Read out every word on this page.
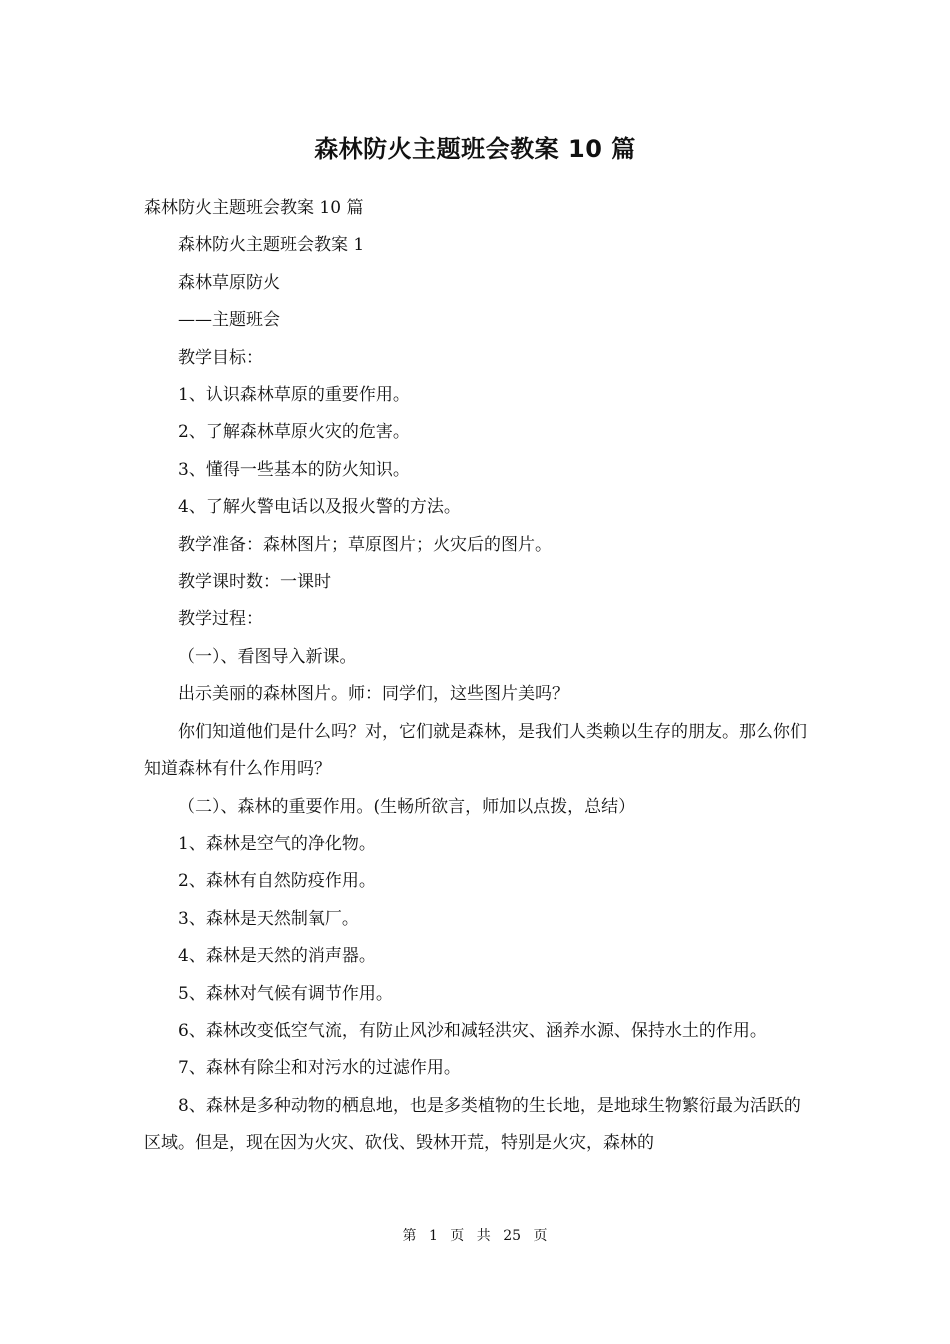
森林防火主题班会教案 10 篇

森林防火主题班会教案 10 篇

森林防火主题班会教案 1

森林草原防火

——主题班会

教学目标：

1、认识森林草原的重要作用。

2、了解森林草原火灾的危害。

3、懂得一些基本的防火知识。

4、了解火警电话以及报火警的方法。

教学准备：森林图片；草原图片；火灾后的图片。

教学课时数：一课时

教学过程：

（一）、看图导入新课。

出示美丽的森林图片。师：同学们，这些图片美吗？

你们知道他们是什么吗？对，它们就是森林，是我们人类赖以生存的朋友。那么你们知道森林有什么作用吗？

（二）、森林的重要作用。(生畅所欲言，师加以点拨，总结）

1、森林是空气的净化物。

2、森林有自然防疫作用。

3、森林是天然制氧厂。

4、森林是天然的消声器。

5、森林对气候有调节作用。

6、森林改变低空气流，有防止风沙和减轻洪灾、涵养水源、保持水土的作用。

7、森林有除尘和对污水的过滤作用。

8、森林是多种动物的栖息地，也是多类植物的生长地，是地球生物繁衍最为活跃的区域。但是，现在因为火灾、砍伐、毁林开荒，特别是火灾，森林的

第 1 页 共 25 页
